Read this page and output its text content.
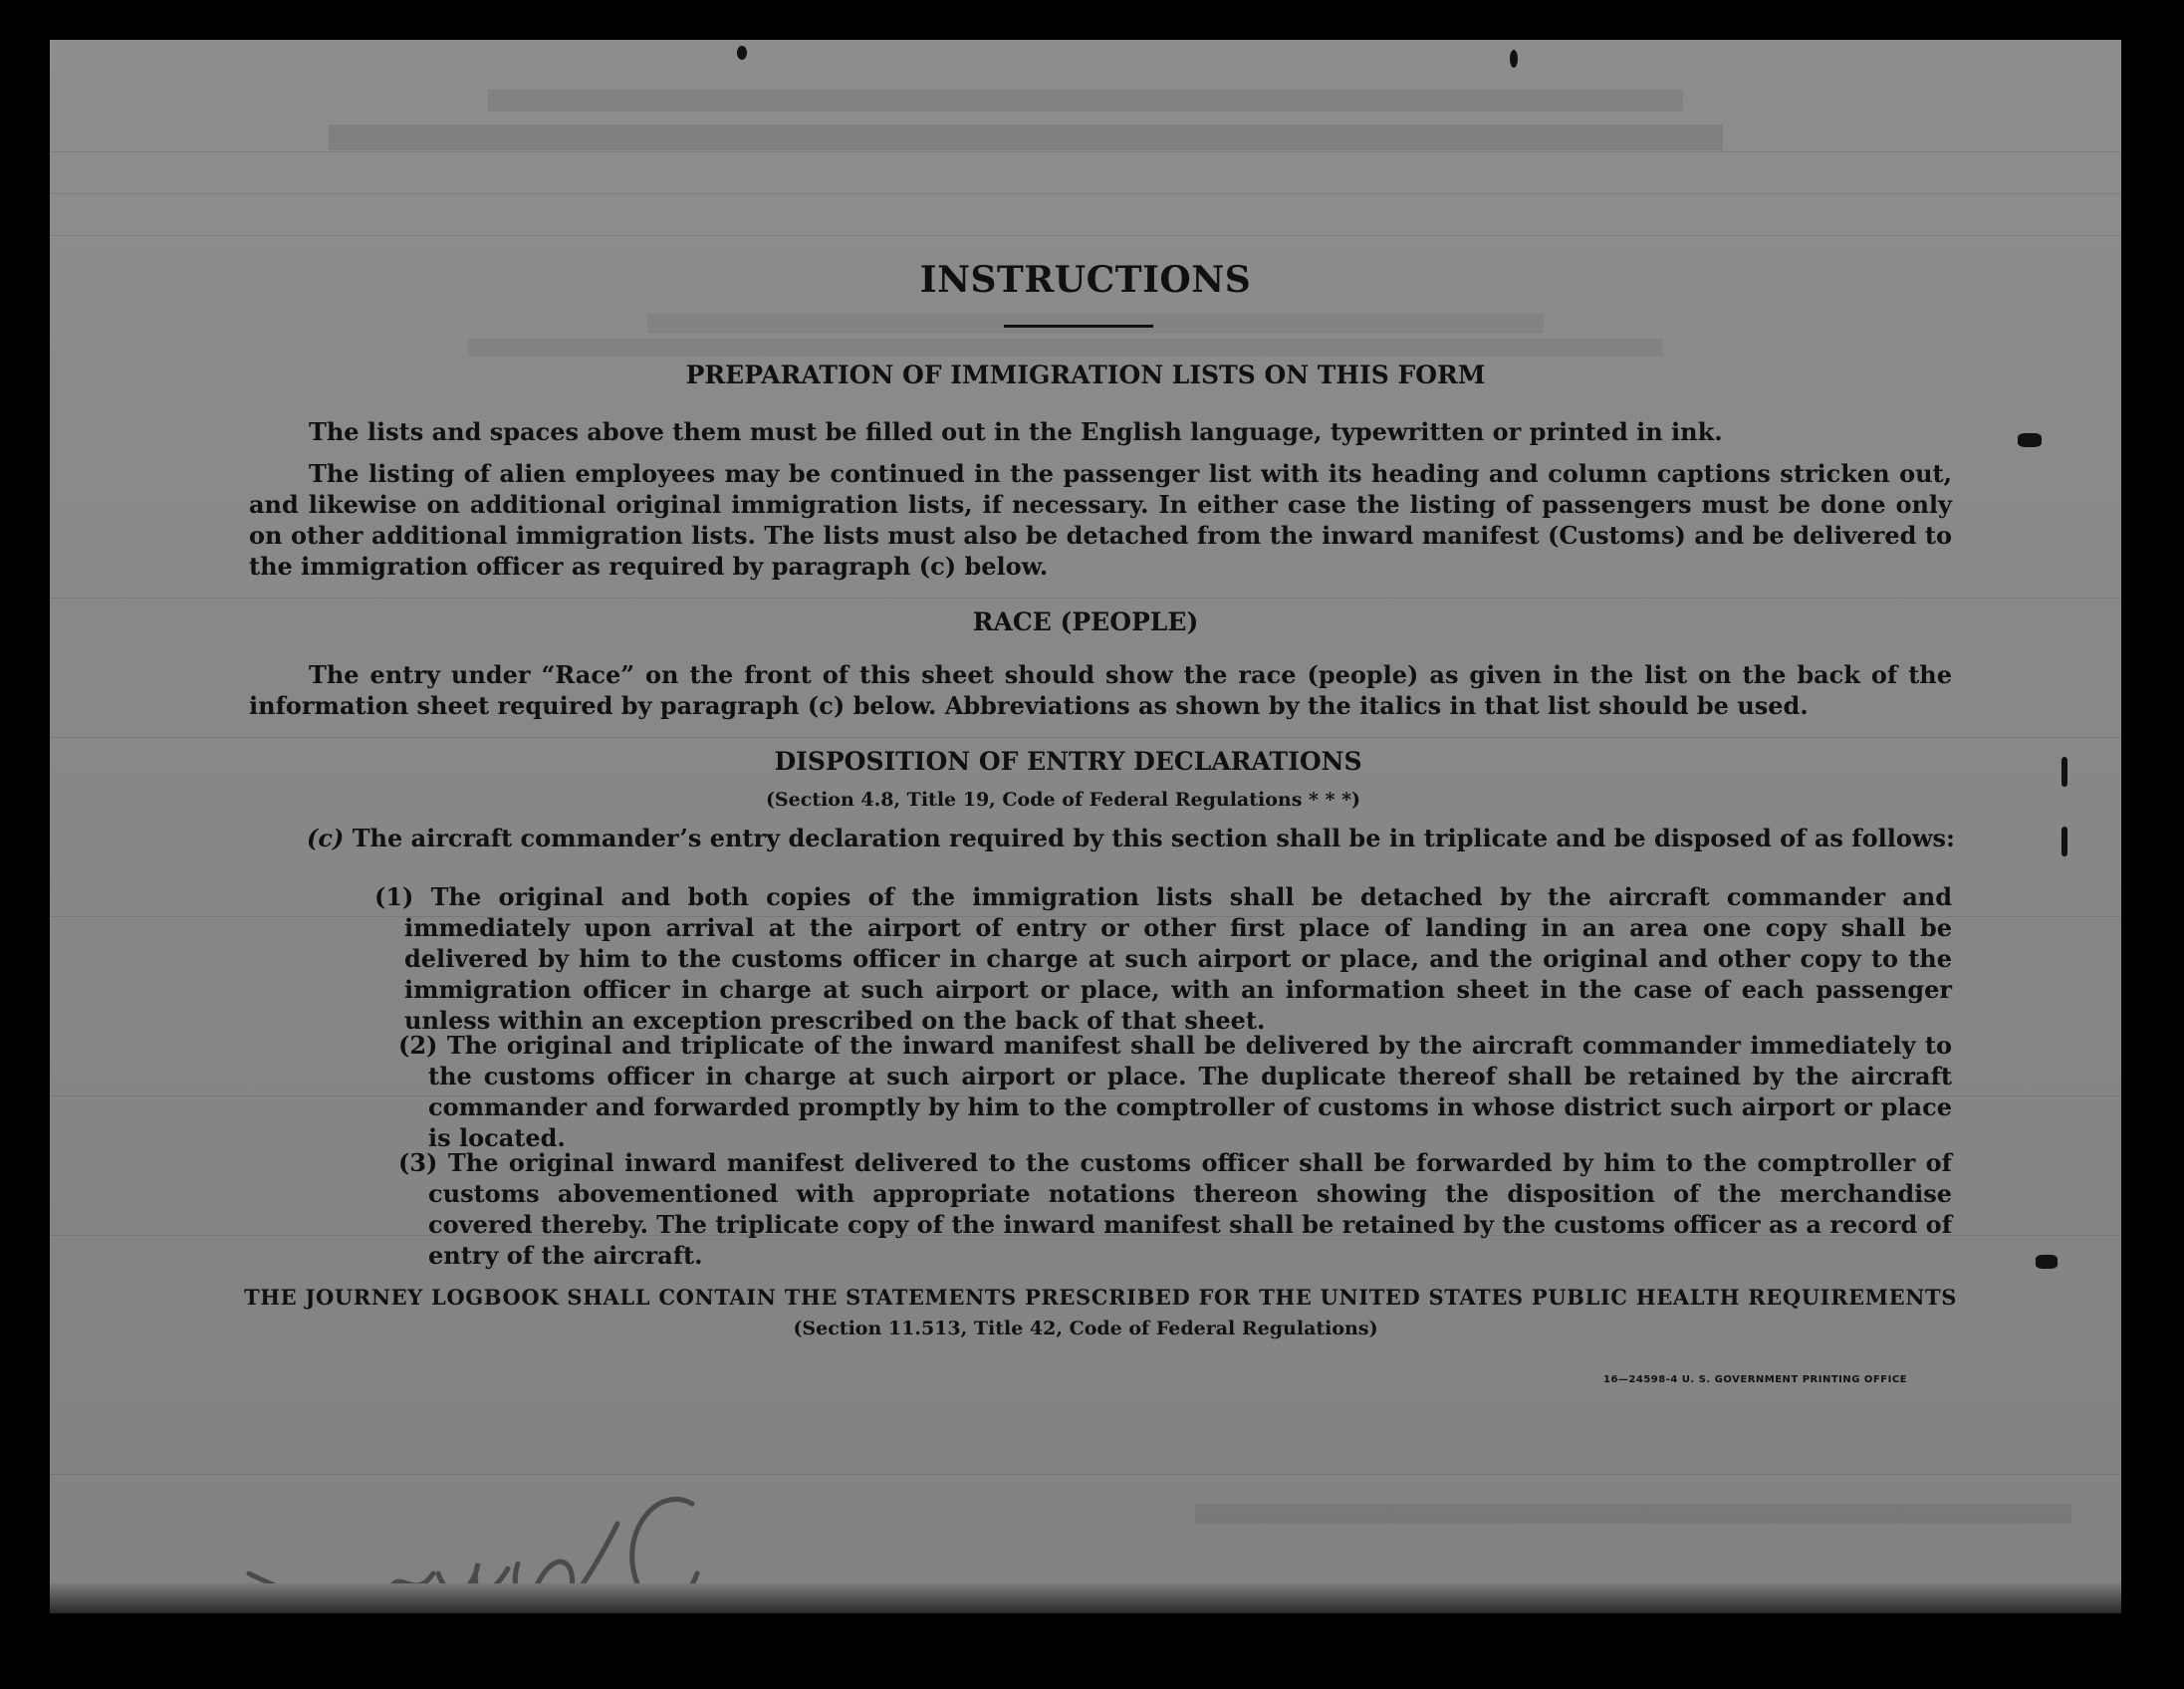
INSTRUCTIONS
PREPARATION OF IMMIGRATION LISTS ON THIS FORM
The lists and spaces above them must be filled out in the English language, typewritten or printed in ink.
The listing of alien employees may be continued in the passenger list with its heading and column captions stricken out, and likewise on additional original immigration lists, if necessary. In either case the listing of passengers must be done only on other additional immigration lists. The lists must also be detached from the inward manifest (Customs) and be delivered to the immigration officer as required by paragraph (c) below.
RACE (PEOPLE)
The entry under “Race” on the front of this sheet should show the race (people) as given in the list on the back of the information sheet required by paragraph (c) below. Abbreviations as shown by the italics in that list should be used.
DISPOSITION OF ENTRY DECLARATIONS
(Section 4.8, Title 19, Code of Federal Regulations * * *)
(c) The aircraft commander’s entry declaration required by this section shall be in triplicate and be disposed of as follows:
(1) The original and both copies of the immigration lists shall be detached by the aircraft commander and immediately upon arrival at the airport of entry or other first place of landing in an area one copy shall be delivered by him to the customs officer in charge at such airport or place, and the original and other copy to the immigration officer in charge at such airport or place, with an information sheet in the case of each passenger unless within an exception prescribed on the back of that sheet.
(2) The original and triplicate of the inward manifest shall be delivered by the aircraft commander immediately to the customs officer in charge at such airport or place. The duplicate thereof shall be retained by the aircraft commander and forwarded promptly by him to the comptroller of customs in whose district such airport or place is located.
(3) The original inward manifest delivered to the customs officer shall be forwarded by him to the comptroller of customs abovementioned with appropriate notations thereon showing the disposition of the merchandise covered thereby. The triplicate copy of the inward manifest shall be retained by the customs officer as a record of entry of the aircraft.
THE JOURNEY LOGBOOK SHALL CONTAIN THE STATEMENTS PRESCRIBED FOR THE UNITED STATES PUBLIC HEALTH REQUIREMENTS
(Section 11.513, Title 42, Code of Federal Regulations)
16—24598-4 U. S. GOVERNMENT PRINTING OFFICE
